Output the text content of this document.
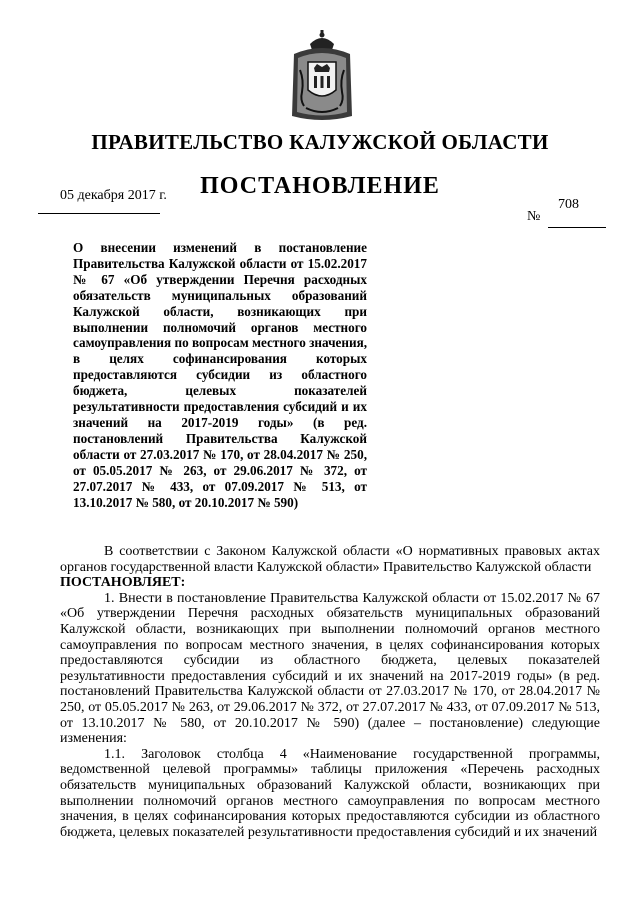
ПРАВИТЕЛЬСТВО КАЛУЖСКОЙ ОБЛАСТИ
ПОСТАНОВЛЕНИЕ
05 декабря 2017 г.
708
№
О внесении изменений в постановление Правительства Калужской области от 15.02.2017 № 67 «Об утверждении Перечня расходных обязательств муниципальных образований Калужской области, возникающих при выполнении полномочий органов местного самоуправления по вопросам местного значения, в целях софинансирования которых предоставляются субсидии из областного бюджета, целевых показателей результативности предоставления субсидий и их значений на 2017-2019 годы» (в ред. постановлений Правительства Калужской области от 27.03.2017 № 170, от 28.04.2017 № 250, от 05.05.2017 № 263, от 29.06.2017 № 372, от 27.07.2017 № 433, от 07.09.2017 № 513, от 13.10.2017 № 580, от 20.10.2017 № 590)

В соответствии с Законом Калужской области «О нормативных правовых актах органов государственной власти Калужской области» Правительство Калужской области

ПОСТАНОВЛЯЕТ:

1. Внести в постановление Правительства Калужской области от 15.02.2017 № 67 «Об утверждении Перечня расходных обязательств муниципальных образований Калужской области, возникающих при выполнении полномочий органов местного самоуправления по вопросам местного значения, в целях софинансирования которых предоставляются субсидии из областного бюджета, целевых показателей результативности предоставления субсидий и их значений на 2017-2019 годы» (в ред. постановлений Правительства Калужской области от 27.03.2017 № 170, от 28.04.2017 № 250, от 05.05.2017 № 263, от 29.06.2017 № 372, от 27.07.2017 № 433, от 07.09.2017 № 513, от 13.10.2017 № 580, от 20.10.2017 № 590) (далее – постановление) следующие изменения:

1.1. Заголовок столбца 4 «Наименование государственной программы, ведомственной целевой программы» таблицы приложения «Перечень расходных обязательств муниципальных образований Калужской области, возникающих при выполнении полномочий органов местного самоуправления по вопросам местного значения, в целях софинансирования которых предоставляются субсидии из областного бюджета, целевых показателей результативности предоставления субсидий и их значений
